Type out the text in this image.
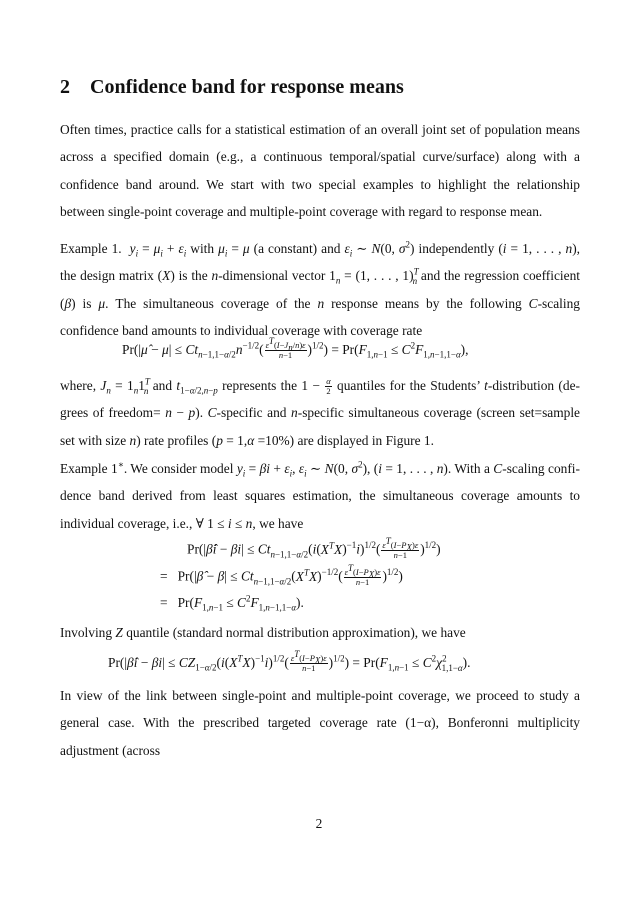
2 Confidence band for response means

Often times, practice calls for a statistical estimation of an overall joint set of population means across a specified domain (e.g., a continuous temporal/spatial curve/surface) along with a confidence band around. We start with two special examples to highlight the relationship between single-point coverage and multiple-point coverage with regard to response mean.

Example 1. $y_i = \mu_i + \varepsilon_i$ with $\mu_i = \mu$ (a constant) and $\varepsilon_i$ ∼ N(0, $\sigma^2$) independently (i = 1, . . . , n), the design matrix (X) is the n-dimensional vector $1_n = (1$, . . . , 1)$^T_n$ and the regression coefficient (β) is μ. The simultaneous coverage of the n response means by the following C-scaling confidence band amounts to individual coverage with coverage rate

Pr(|μ̂ − $\mu| \le Ct_{n-1,1-\alpha/2}n^{-1/2}( \frac{\varepsilon^T(I-J_n/n)\varepsilon}{n-1} )^{1/2}) = Pr(F_{1,n-1} \le C^2F_{1,n-1,1-\alpha})$,

where, $J_n = 1_n1^T_n$ and $t_{1-\alpha/2,n-p}$ represents the $1 - \frac{\alpha}{2}$ quantiles for the Students’ t-distribution (de- grees of freedom= n − p). C-specific and n-specific simultaneous coverage (screen set=sample set with size n) rate profiles (p = 1,α =10%) are displayed in Figure 1.

Example 1∗. We consider model $y_i = \beta i + \varepsilon_i$, $\varepsilon_i$ ∼ N(0, $\sigma^2$), (i = 1, . . . , n). With a C-scaling confi- dence band derived from least squares estimation, the simultaneous coverage amounts to individual coverage, i.e., ∀ 1 ≤ i ≤ n, we have

Pr(|β̂i − $\beta i| \le Ct_{n-1,1-\alpha/2}(i(X^TX)^{-1}i)^{1/2}( \frac{\varepsilon^T(I-P_X)\varepsilon}{n-1} )^{1/2}$)
=   Pr(|β̂ − $\beta| \le Ct_{n-1,1-\alpha/2}(X^TX)^{-1/2}( \frac{\varepsilon^T(I-P_X)\varepsilon}{n-1} )^{1/2}$)
=   $Pr(F_{1,n-1} \le C^2F_{1,n-1,1-\alpha})$.

Involving Z quantile (standard normal distribution approximation), we have

Pr(|β̂i − $\beta i| \le CZ_{1-\alpha/2}(i(X^TX)^{-1}i)^{1/2}( \frac{\varepsilon^T(I-P_X)\varepsilon}{n-1} )^{1/2}) = Pr(F_{1,n-1} \le C^2\chi^2_{1,1-\alpha})$.

In view of the link between single-point and multiple-point coverage, we proceed to study a general case. With the prescribed targeted coverage rate (1−α), Bonferonni multiplicity adjustment (across

2
